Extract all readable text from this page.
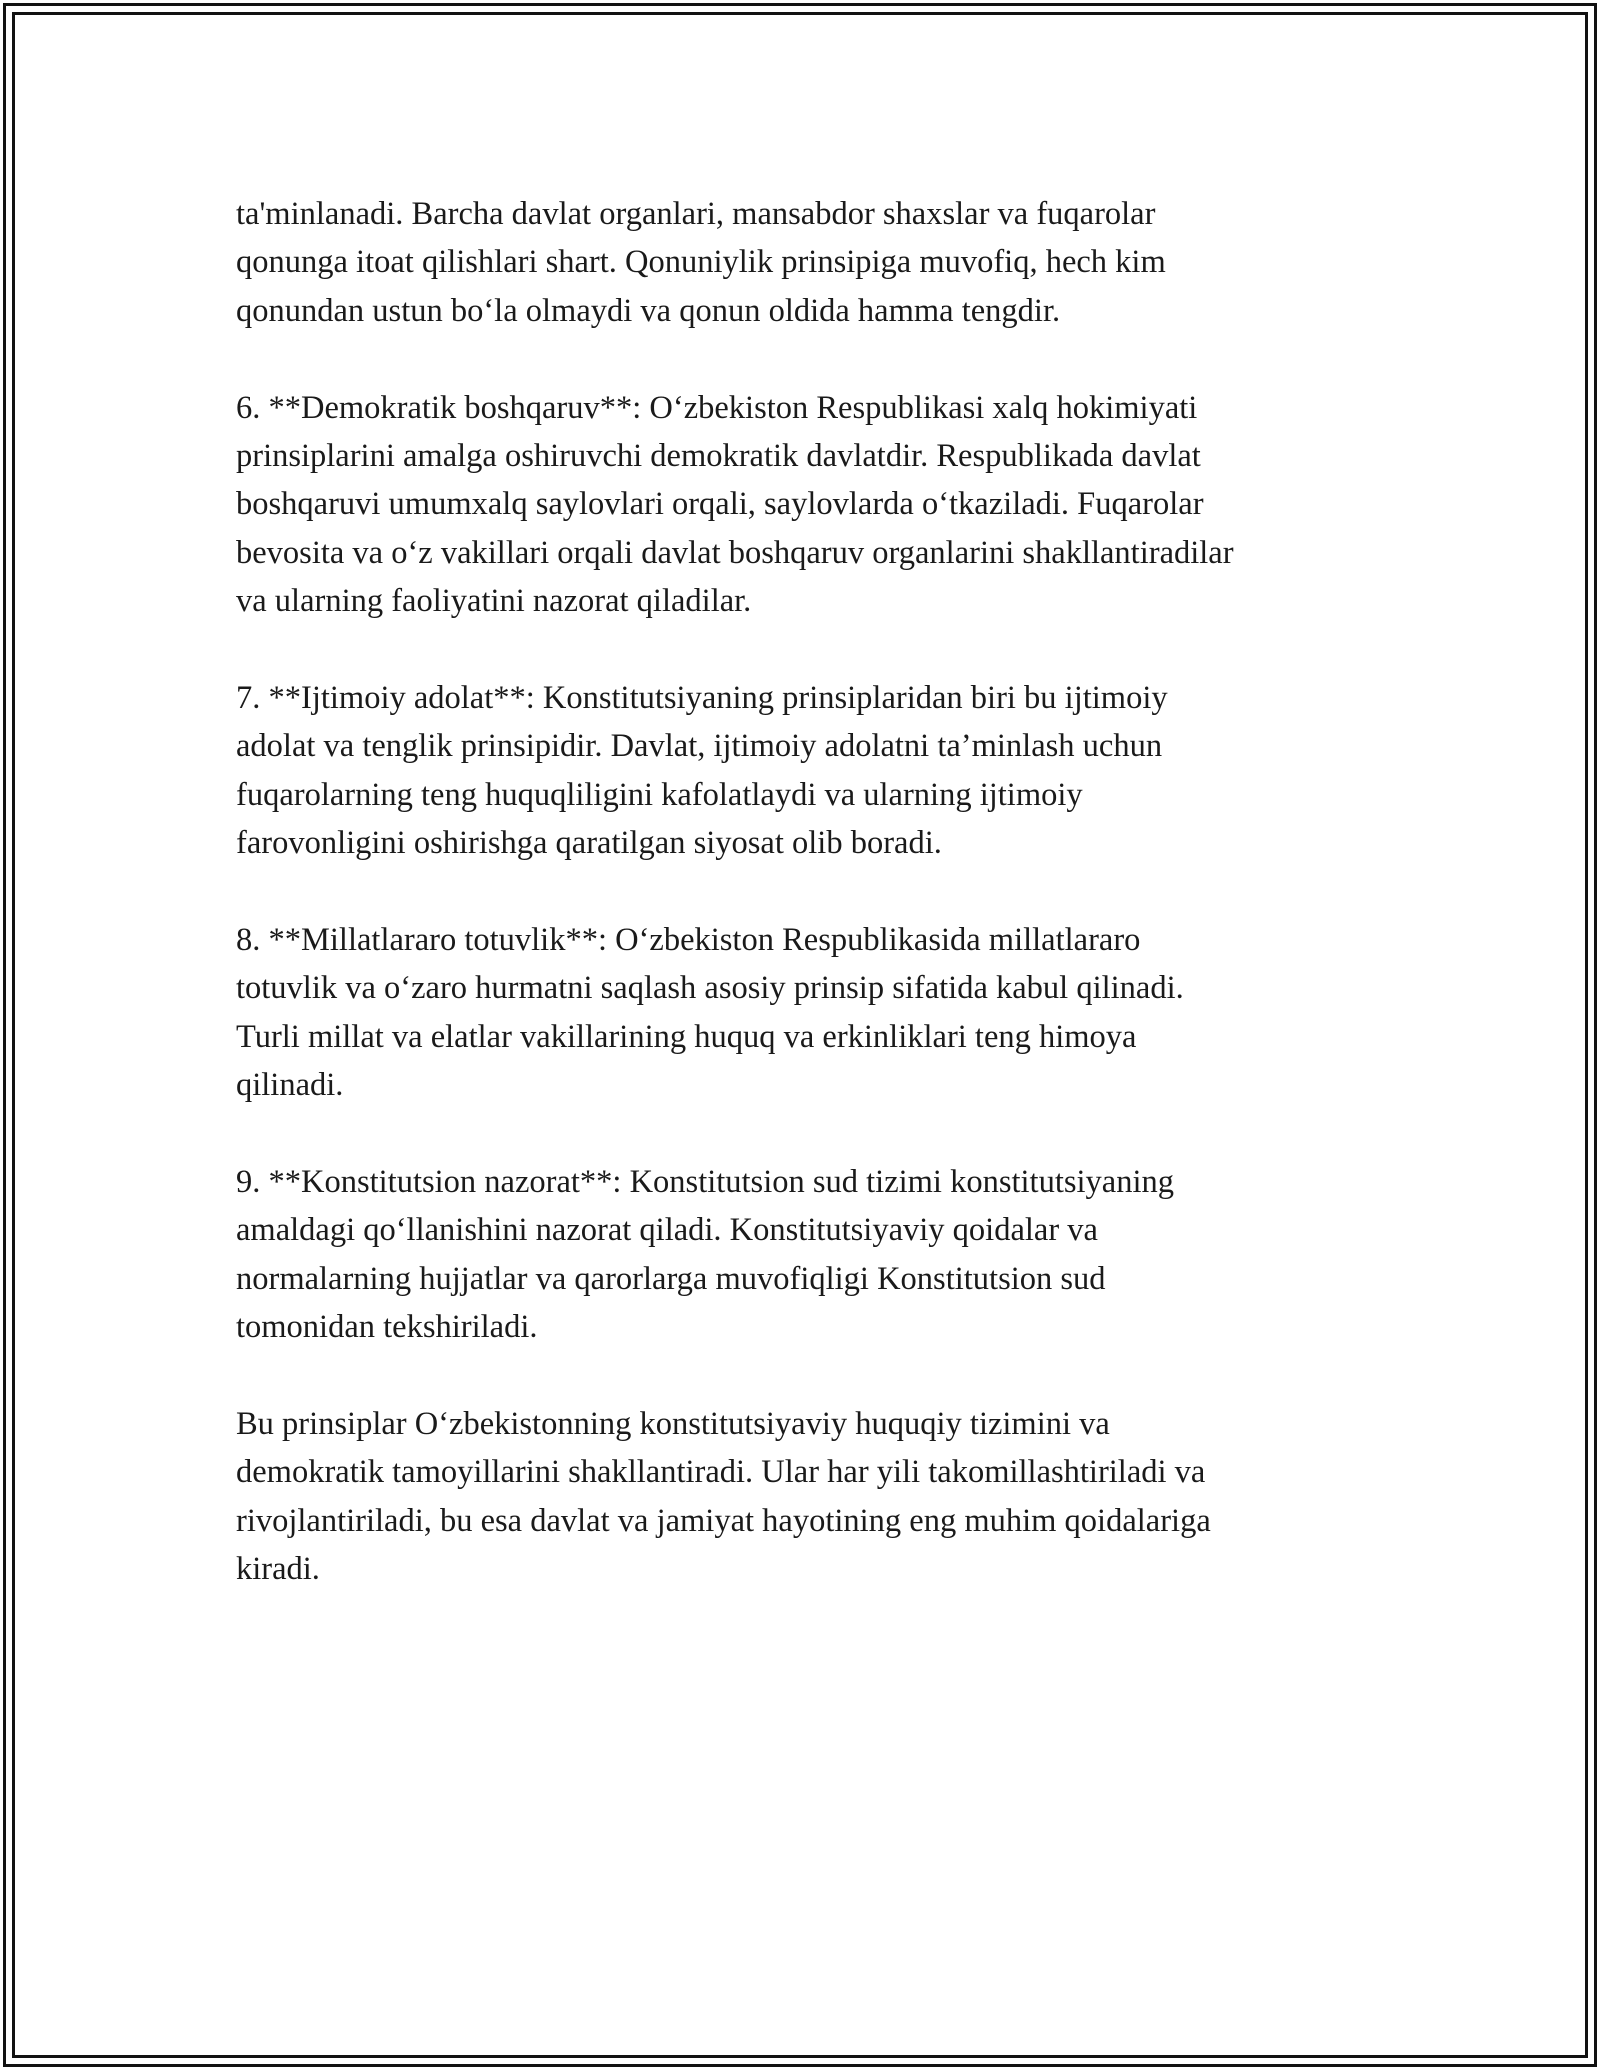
ta'minlanadi. Barcha davlat organlari, mansabdor shaxslar va fuqarolar
qonunga itoat qilishlari shart. Qonuniylik prinsipiga muvofiq, hech kim
qonundan ustun bo‘la olmaydi va qonun oldida hamma tengdir.

6. **Demokratik boshqaruv**: O‘zbekiston Respublikasi xalq hokimiyati
prinsiplarini amalga oshiruvchi demokratik davlatdir. Respublikada davlat
boshqaruvi umumxalq saylovlari orqali, saylovlarda o‘tkaziladi. Fuqarolar
bevosita va o‘z vakillari orqali davlat boshqaruv organlarini shakllantiradilar
va ularning faoliyatini nazorat qiladilar.

7. **Ijtimoiy adolat**: Konstitutsiyaning prinsiplaridan biri bu ijtimoiy
adolat va tenglik prinsipidir. Davlat, ijtimoiy adolatni ta’minlash uchun
fuqarolarning teng huquqliligini kafolatlaydi va ularning ijtimoiy
farovonligini oshirishga qaratilgan siyosat olib boradi.

8. **Millatlararo totuvlik**: O‘zbekiston Respublikasida millatlararo
totuvlik va o‘zaro hurmatni saqlash asosiy prinsip sifatida kabul qilinadi.
Turli millat va elatlar vakillarining huquq va erkinliklari teng himoya
qilinadi.

9. **Konstitutsion nazorat**: Konstitutsion sud tizimi konstitutsiyaning
amaldagi qo‘llanishini nazorat qiladi. Konstitutsiyaviy qoidalar va
normalarning hujjatlar va qarorlarga muvofiqligi Konstitutsion sud
tomonidan tekshiriladi.

Bu prinsiplar O‘zbekistonning konstitutsiyaviy huquqiy tizimini va
demokratik tamoyillarini shakllantiradi. Ular har yili takomillashtiriladi va
rivojlantiriladi, bu esa davlat va jamiyat hayotining eng muhim qoidalariga
kiradi.
